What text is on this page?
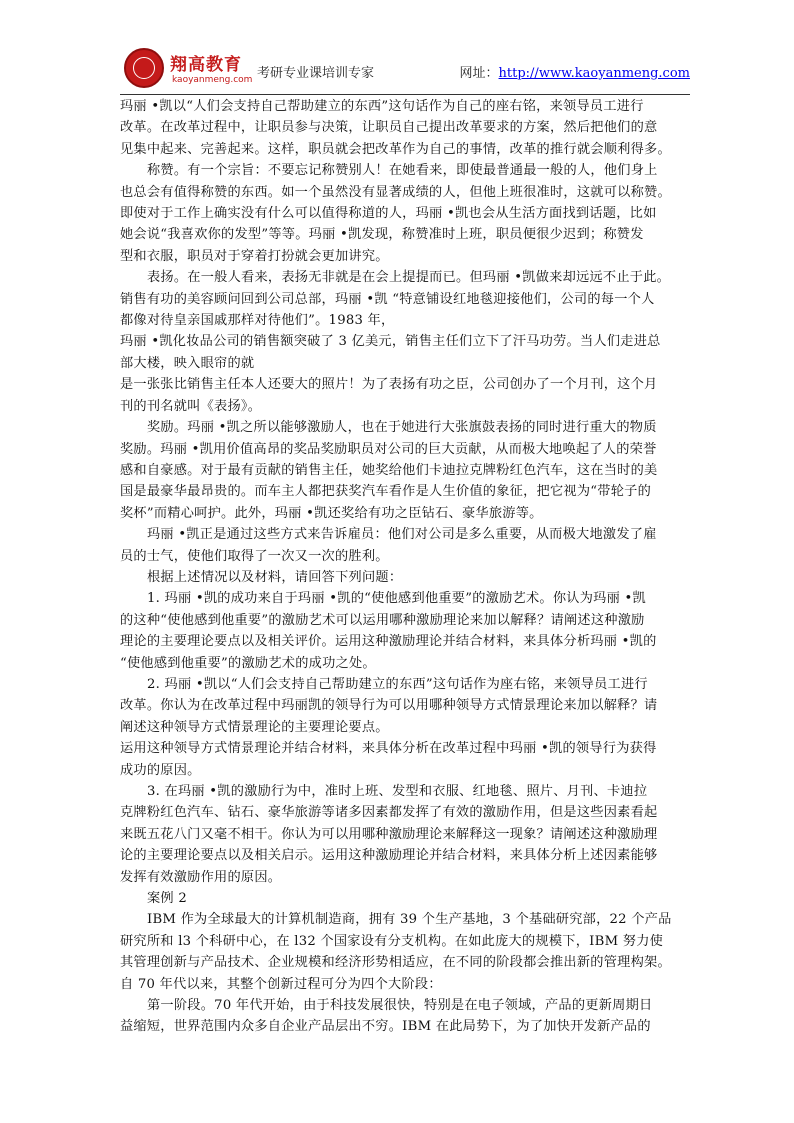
翔高教育
kaoyanmeng.com 考研专业课培训专家	网址：http://www.kaoyanmeng.com

玛丽 •凯以“人们会支持自己帮助建立的东西”这句话作为自己的座右铭，来领导员工进行

改革。在改革过程中，让职员参与决策，让职员自己提出改革要求的方案，然后把他们的意

见集中起来、完善起来。这样，职员就会把改革作为自己的事情，改革的推行就会顺利得多。

称赞。有一个宗旨：不要忘记称赞别人！在她看来，即使最普通最一般的人，他们身上

也总会有值得称赞的东西。如一个虽然没有显著成绩的人，但他上班很准时，这就可以称赞。

即使对于工作上确实没有什么可以值得称道的人，玛丽 •凯也会从生活方面找到话题，比如

她会说“我喜欢你的发型”等等。玛丽 •凯发现，称赞准时上班，职员便很少迟到；称赞发

型和衣服，职员对于穿着打扮就会更加讲究。

表扬。在一般人看来，表扬无非就是在会上提提而已。但玛丽 •凯做来却远远不止于此。

销售有功的美容顾问回到公司总部，玛丽 •凯 “特意铺设红地毯迎接他们，公司的每一个人

都像对待皇亲国戚那样对待他们”。1983 年，

玛丽 •凯化妆品公司的销售额突破了 3 亿美元，销售主任们立下了汗马功劳。当人们走进总

部大楼，映入眼帘的就

是一张张比销售主任本人还要大的照片！为了表扬有功之臣，公司创办了一个月刊，这个月

刊的刊名就叫《表扬》。

奖励。玛丽 •凯之所以能够激励人，也在于她进行大张旗鼓表扬的同时进行重大的物质

奖励。玛丽 •凯用价值高昂的奖品奖励职员对公司的巨大贡献，从而极大地唤起了人的荣誉

感和自豪感。对于最有贡献的销售主任，她奖给他们卡迪拉克牌粉红色汽车，这在当时的美

国是最豪华最昂贵的。而车主人都把获奖汽车看作是人生价值的象征，把它视为“带轮子的

奖杯”而精心呵护。此外，玛丽 •凯还奖给有功之臣钻石、豪华旅游等。

玛丽 •凯正是通过这些方式来告诉雇员：他们对公司是多么重要，从而极大地激发了雇

员的士气，使他们取得了一次又一次的胜利。

根据上述情况以及材料，请回答下列问题：

1. 玛丽 •凯的成功来自于玛丽 •凯的“使他感到他重要”的激励艺术。你认为玛丽 •凯

的这种“使他感到他重要”的激励艺术可以运用哪种激励理论来加以解释？请阐述这种激励

理论的主要理论要点以及相关评价。运用这种激励理论并结合材料，来具体分析玛丽 •凯的

“使他感到他重要”的激励艺术的成功之处。

2. 玛丽 •凯以“人们会支持自己帮助建立的东西”这句话作为座右铭，来领导员工进行

改革。你认为在改革过程中玛丽凯的领导行为可以用哪种领导方式情景理论来加以解释？请

阐述这种领导方式情景理论的主要理论要点。

运用这种领导方式情景理论并结合材料，来具体分析在改革过程中玛丽 •凯的领导行为获得

成功的原因。

3. 在玛丽 •凯的激励行为中，准时上班、发型和衣服、红地毯、照片、月刊、卡迪拉

克牌粉红色汽车、钻石、豪华旅游等诸多因素都发挥了有效的激励作用，但是这些因素看起

来既五花八门又毫不相干。你认为可以用哪种激励理论来解释这一现象？请阐述这种激励理

论的主要理论要点以及相关启示。运用这种激励理论并结合材料，来具体分析上述因素能够

发挥有效激励作用的原因。

案例 2

IBM 作为全球最大的计算机制造商，拥有 39 个生产基地，3 个基础研究部，22 个产品

研究所和 l3 个科研中心，在 l32 个国家设有分支机构。在如此庞大的规模下，IBM 努力使

其管理创新与产品技术、企业规模和经济形势相适应，在不同的阶段都会推出新的管理构架。

自 70 年代以来，其整个创新过程可分为四个大阶段：

第一阶段。70 年代开始，由于科技发展很快，特别是在电子领域，产品的更新周期日

益缩短，世界范围内众多自企业产品层出不穷。IBM 在此局势下，为了加快开发新产品的
